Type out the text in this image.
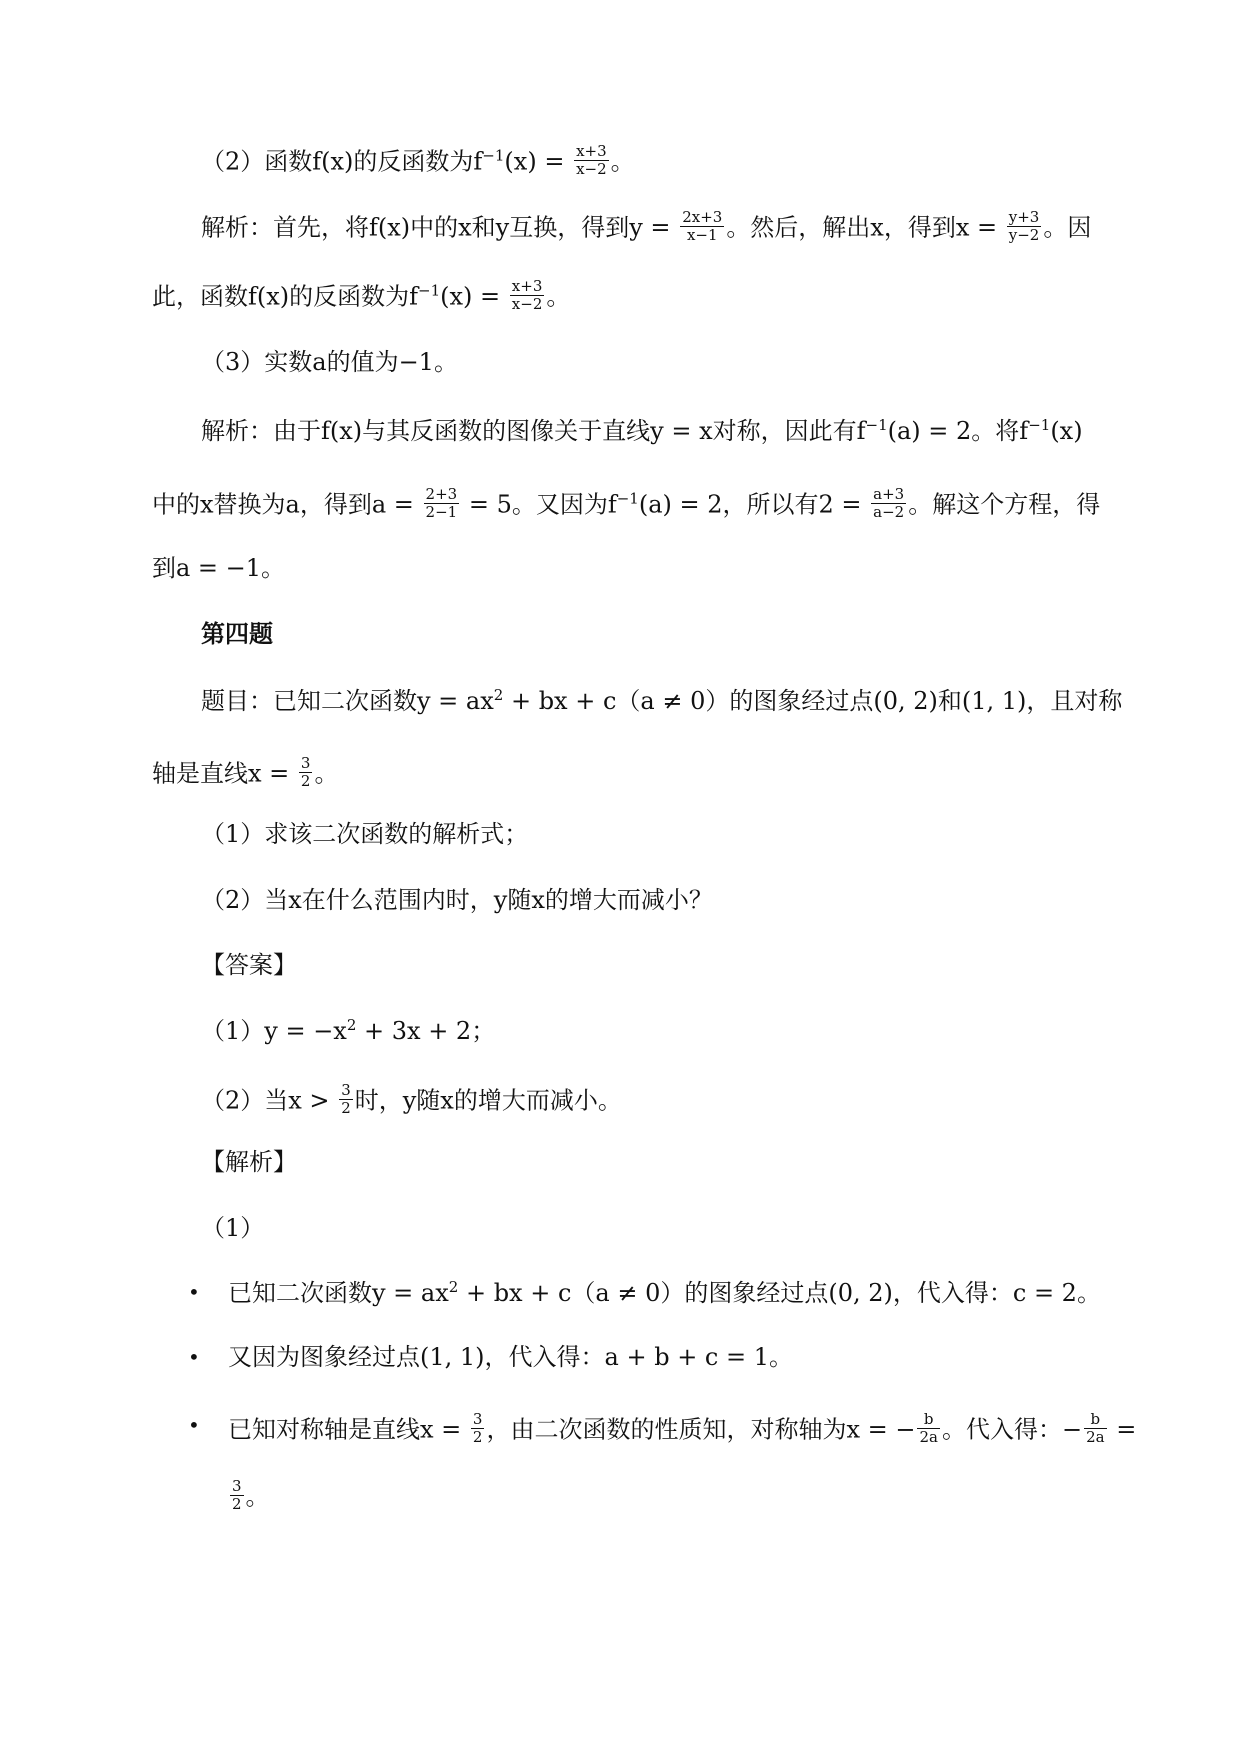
（2）函数f(x)的反函数为$f^{-1}(x) = \frac{x+3}{x-2}$ 。
解析：首先，将f(x)中的x和y互换，得到$y = \frac{2x+3}{x-1}$ 。然后，解出x，得到$x = \frac{y+3}{y-2}$ 。因
此，函数f(x)的反函数为$f^{-1}(x) = \frac{x+3}{x-2}$ 。
（3）实数a的值为−1。
解析：由于f(x)与其反函数的图像关于直线y = x对称，因此有$f^{-1}(a) = 2$。将$f^{-1}(x)$
中的x替换为a，得到$a = \frac{2+3}{2-1} = 5$。又因为$f^{-1}(a) = 2$，所以有$2 = \frac{a+3}{a-2}$ 。解这个方程，得
到a = −1。
第四题
题目：已知二次函数$y = ax^2$ + bx + c（a ≠ 0）的图象经过点(0, 2)和(1, 1)，且对称
轴是直线$x = \frac{3}{2}$ 。
（1）求该二次函数的解析式；
（2）当x在什么范围内时，y随x的增大而减小？
【答案】
$(1)y = -x^2 + 3x + 2$；
（2）当$x > \frac{3}{2}$ 时，y随x的增大而减小。
【解析】
（1）
• 已知二次函数$y = ax^2$ + bx + c（a ≠ 0）的图象经过点(0, 2)，代入得：c = 2。
• 又因为图象经过点(1, 1)，代入得：a + b + c = 1。
• 已知对称轴是直线$x = \frac{3}{2}$ ，由二次函数的性质知，对称轴为x = − $\frac{b}{2a}$ 。代入得：− $\frac{b}{2a}$ =
$\frac{3}{2}$ 。
